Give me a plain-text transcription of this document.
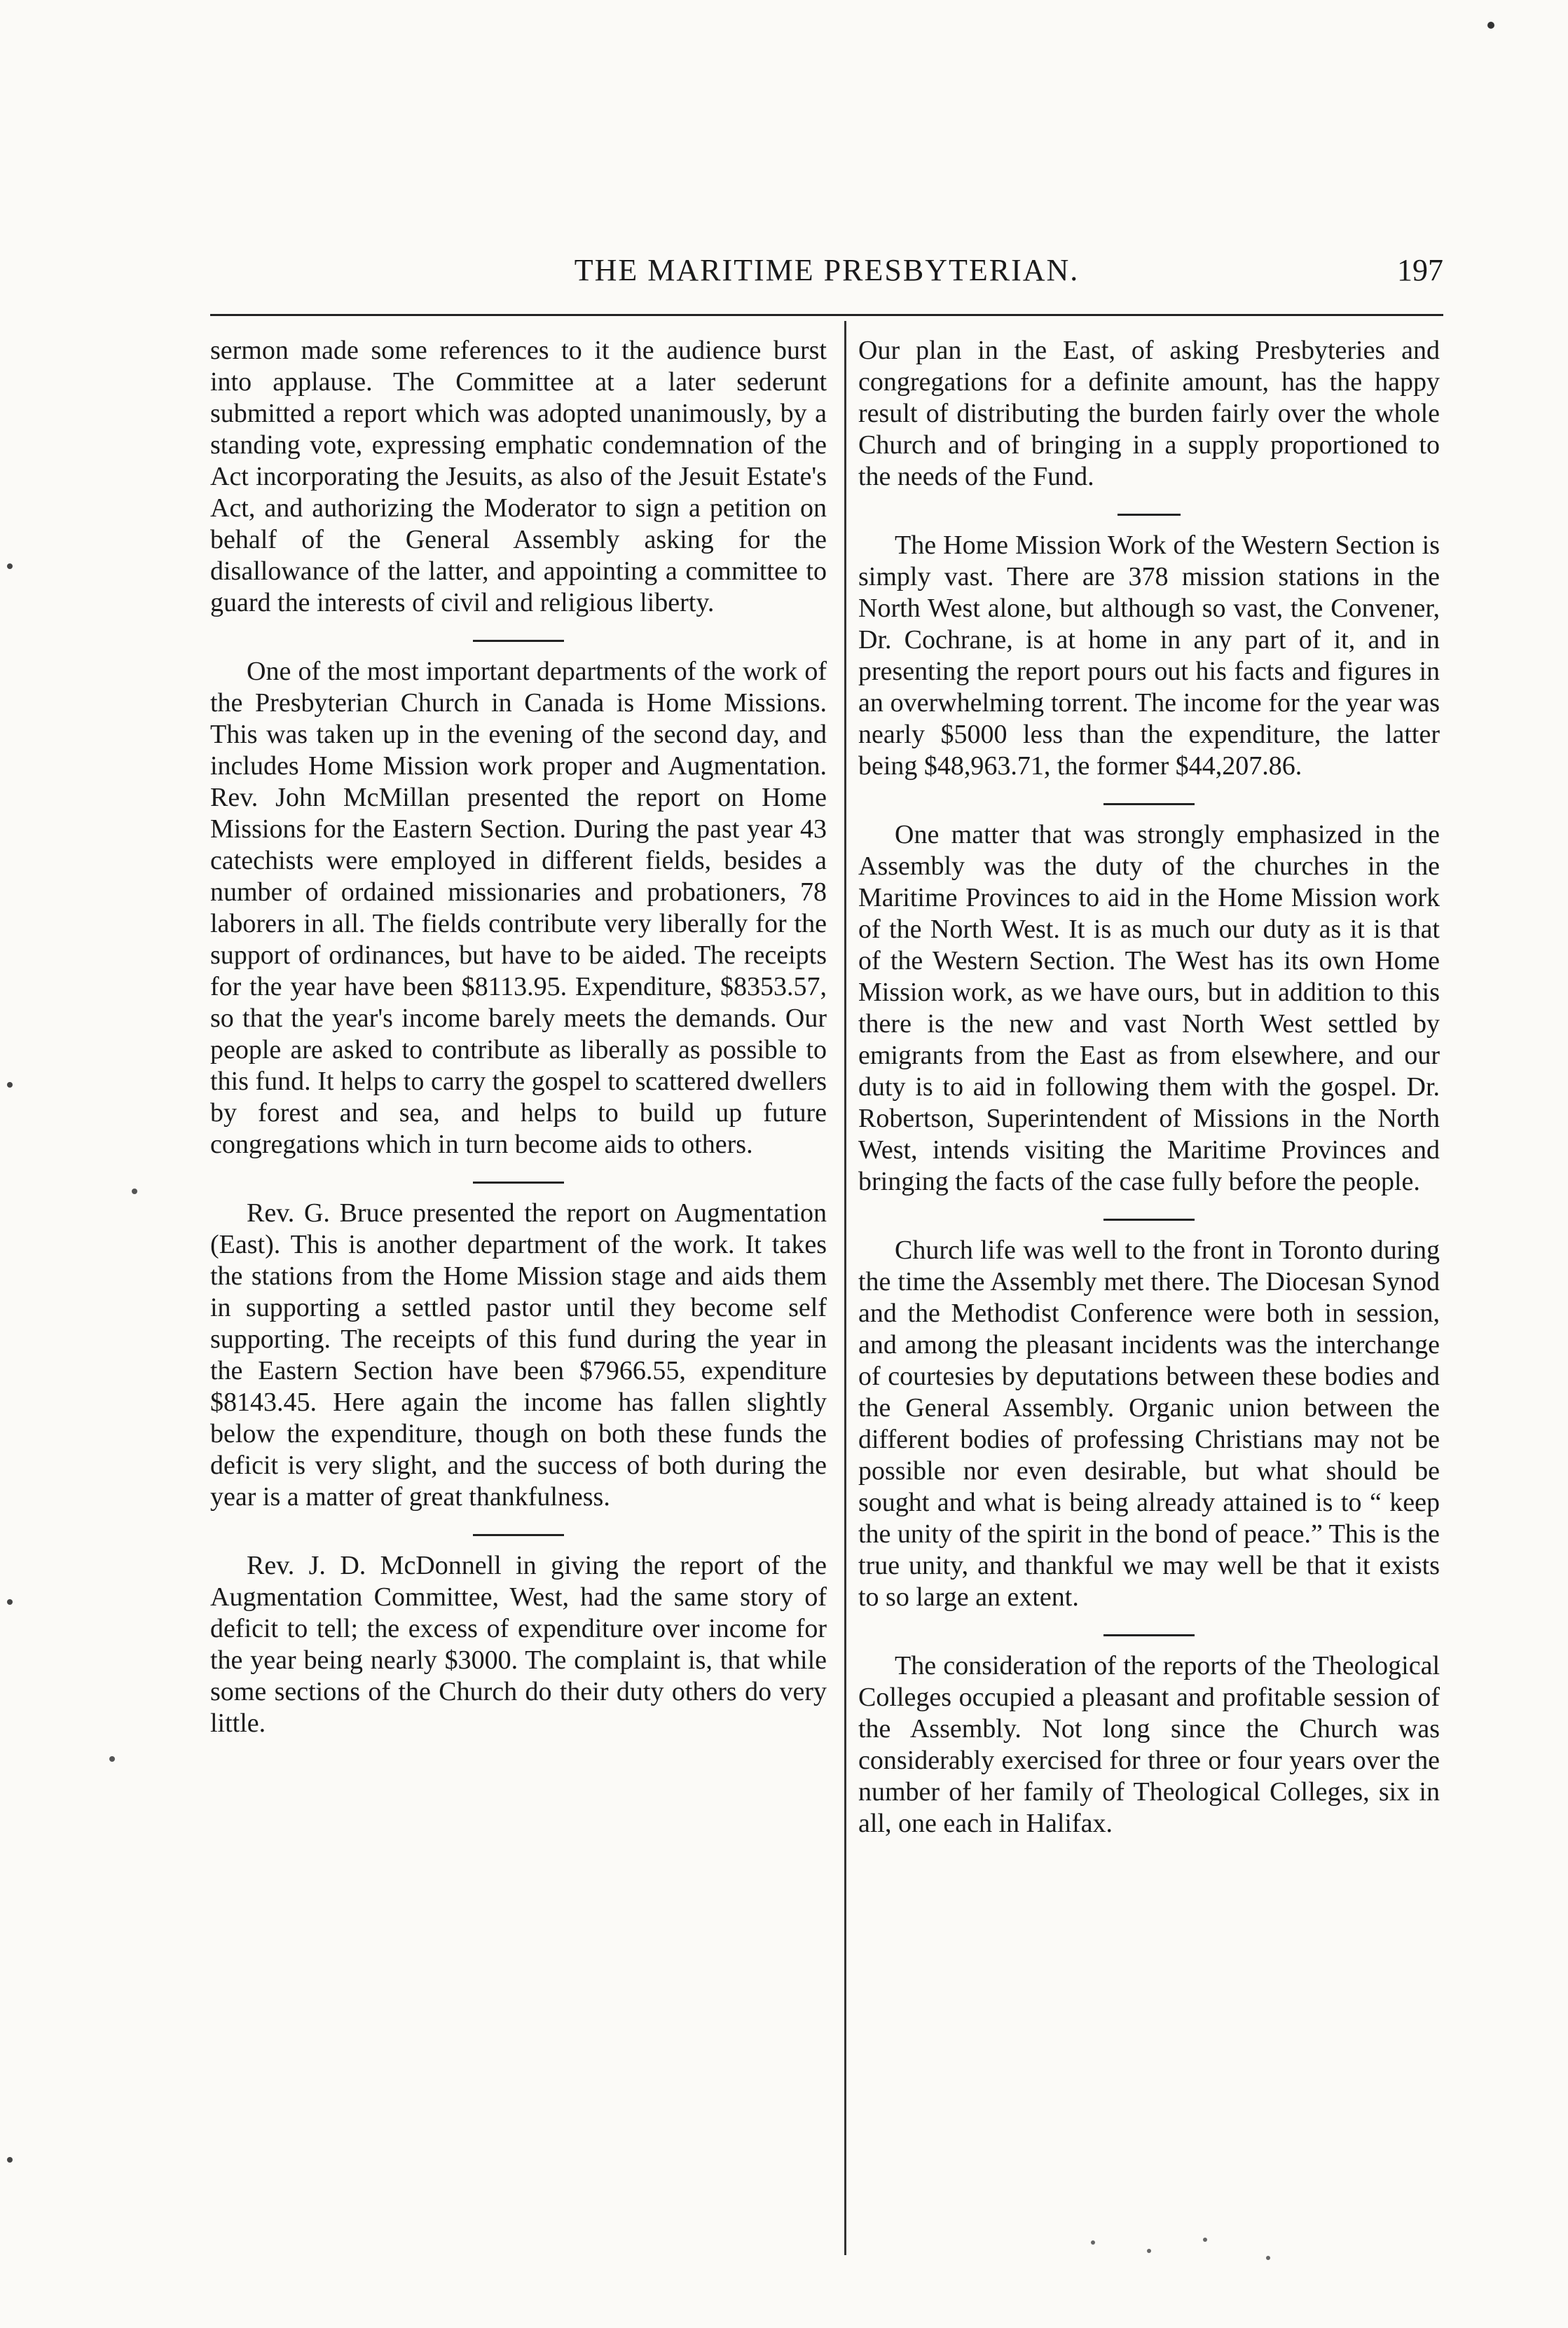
THE MARITIME PRESBYTERIAN.	197

sermon made some references to it the audience burst into applause. The Committee at a later sederunt submitted a report which was adopted unanimously, by a standing vote, expressing emphatic condemnation of the Act incorporating the Jesuits, as also of the Jesuit Estate's Act, and authorizing the Moderator to sign a petition on behalf of the General Assembly asking for the disallowance of the latter, and appointing a committee to guard the interests of civil and religious liberty.

One of the most important departments of the work of the Presbyterian Church in Canada is Home Missions. This was taken up in the evening of the second day, and includes Home Mission work proper and Augmentation. Rev. John McMillan presented the report on Home Missions for the Eastern Section. During the past year 43 catechists were employed in different fields, besides a number of ordained missionaries and probationers, 78 laborers in all. The fields contribute very liberally for the support of ordinances, but have to be aided. The receipts for the year have been $8113.95. Expenditure, $8353.57, so that the year's income barely meets the demands. Our people are asked to contribute as liberally as possible to this fund. It helps to carry the gospel to scattered dwellers by forest and sea, and helps to build up future congregations which in turn become aids to others.

Rev. G. Bruce presented the report on Augmentation (East). This is another department of the work. It takes the stations from the Home Mission stage and aids them in supporting a settled pastor until they become self supporting. The receipts of this fund during the year in the Eastern Section have been $7966.55, expenditure $8143.45. Here again the income has fallen slightly below the expenditure, though on both these funds the deficit is very slight, and the success of both during the year is a matter of great thankfulness.

Rev. J. D. McDonnell in giving the report of the Augmentation Committee, West, had the same story of deficit to tell; the excess of expenditure over income for the year being nearly $3000. The complaint is, that while some sections of the Church do their duty others do very little.

Our plan in the East, of asking Presbyteries and congregations for a definite amount, has the happy result of distributing the burden fairly over the whole Church and of bringing in a supply proportioned to the needs of the Fund.

The Home Mission Work of the Western Section is simply vast. There are 378 mission stations in the North West alone, but although so vast, the Convener, Dr. Cochrane, is at home in any part of it, and in presenting the report pours out his facts and figures in an overwhelming torrent. The income for the year was nearly $5000 less than the expenditure, the latter being $48,963.71, the former $44,207.86.

One matter that was strongly emphasized in the Assembly was the duty of the churches in the Maritime Provinces to aid in the Home Mission work of the North West. It is as much our duty as it is that of the Western Section. The West has its own Home Mission work, as we have ours, but in addition to this there is the new and vast North West settled by emigrants from the East as from elsewhere, and our duty is to aid in following them with the gospel. Dr. Robertson, Superintendent of Missions in the North West, intends visiting the Maritime Provinces and bringing the facts of the case fully before the people.

Church life was well to the front in Toronto during the time the Assembly met there. The Diocesan Synod and the Methodist Conference were both in session, and among the pleasant incidents was the interchange of courtesies by deputations between these bodies and the General Assembly. Organic union between the different bodies of professing Christians may not be possible nor even desirable, but what should be sought and what is being already attained is to “ keep the unity of the spirit in the bond of peace.” This is the true unity, and thankful we may well be that it exists to so large an extent.

The consideration of the reports of the Theological Colleges occupied a pleasant and profitable session of the Assembly. Not long since the Church was considerably exercised for three or four years over the number of her family of Theological Colleges, six in all, one each in Halifax.
